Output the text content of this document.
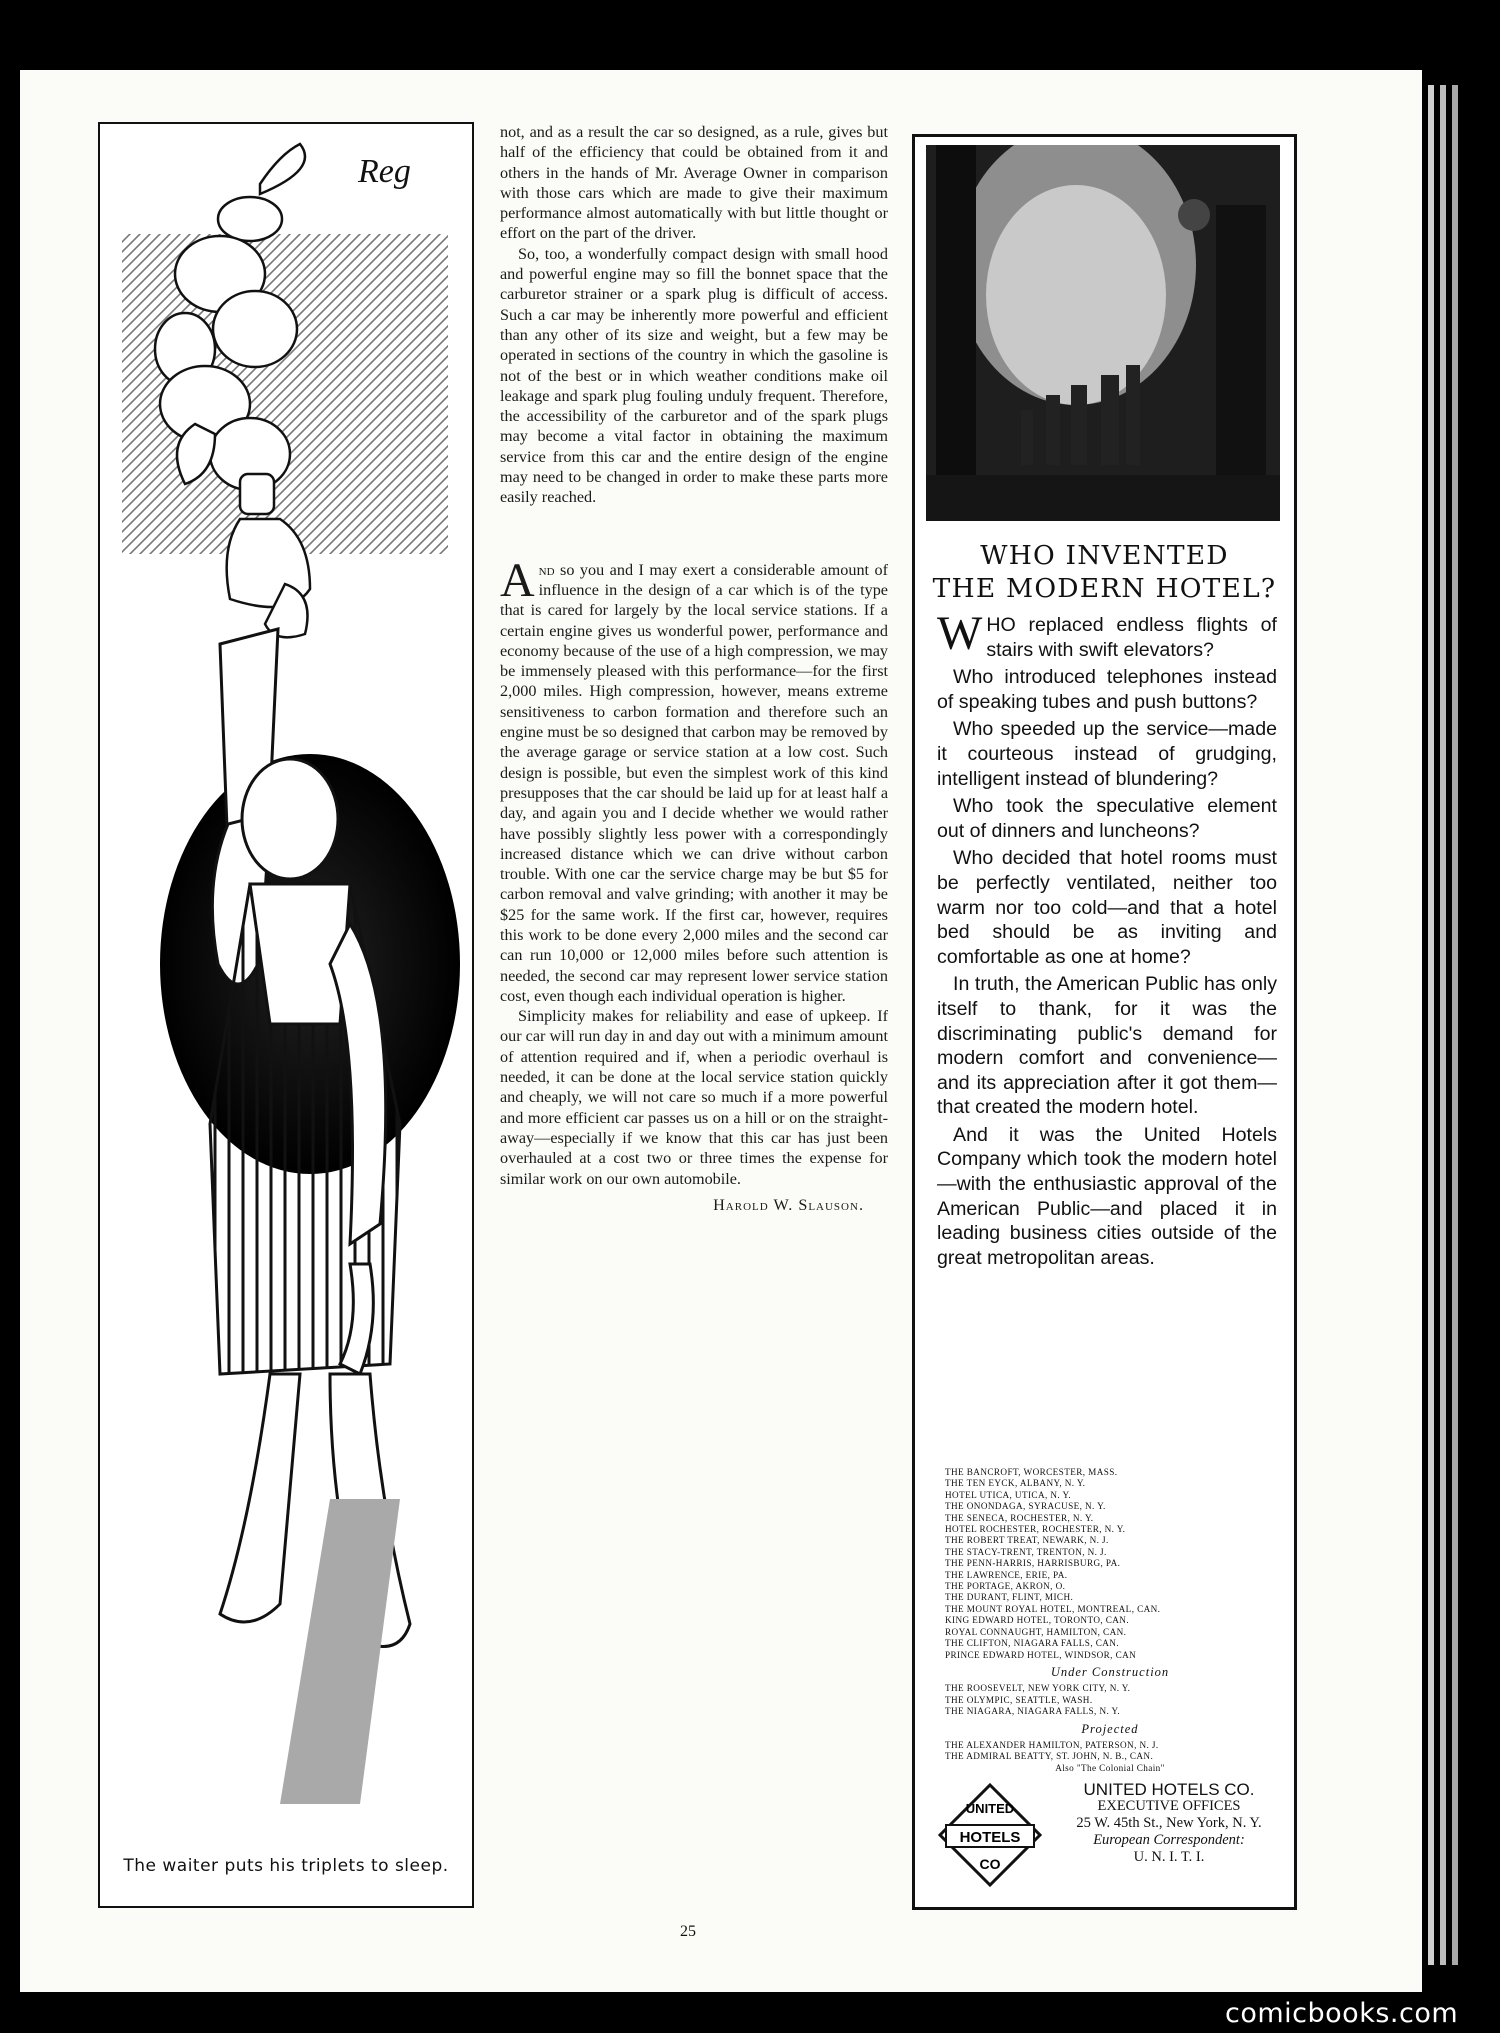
Reg
The waiter puts his triplets to sleep.

not, and as a result the car so designed, as a rule, gives but half of the efficiency that could be obtained from it and others in the hands of Mr. Average Owner in comparison with those cars which are made to give their maximum performance almost automatically with but little thought or effort on the part of the driver.

So, too, a wonderfully compact design with small hood and powerful engine may so fill the bonnet space that the carburetor strainer or a spark plug is difficult of access. Such a car may be inherently more powerful and efficient than any other of its size and weight, but a few may be operated in sections of the country in which the gasoline is not of the best or in which weather conditions make oil leakage and spark plug fouling unduly frequent. Therefore, the accessibility of the carburetor and of the spark plugs may become a vital factor in obtaining the maximum service from this car and the entire design of the engine may need to be changed in order to make these parts more easily reached.

And so you and I may exert a considerable amount of influence in the design of a car which is of the type that is cared for largely by the local service stations. If a certain engine gives us wonderful power, performance and economy because of the use of a high compression, we may be immensely pleased with this performance—for the first 2,000 miles. High compression, however, means extreme sensitiveness to carbon formation and therefore such an engine must be so designed that carbon may be removed by the average garage or service station at a low cost. Such design is possible, but even the simplest work of this kind presupposes that the car should be laid up for at least half a day, and again you and I decide whether we would rather have possibly slightly less power with a correspondingly increased distance which we can drive without carbon trouble. With one car the service charge may be but $5 for carbon removal and valve grinding; with another it may be $25 for the same work. If the first car, however, requires this work to be done every 2,000 miles and the second car can run 10,000 or 12,000 miles before such attention is needed, the second car may represent lower service station cost, even though each individual operation is higher.

Simplicity makes for reliability and ease of upkeep. If our car will run day in and day out with a minimum amount of attention required and if, when a periodic overhaul is needed, it can be done at the local service station quickly and cheaply, we will not care so much if a more powerful and more efficient car passes us on a hill or on the straight-away—especially if we know that this car has just been overhauled at a cost two or three times the expense for similar work on our own automobile.

Harold W. Slauson.
25
WHO INVENTED
THE MODERN HOTEL?

WHO replaced endless flights of stairs with swift elevators?

Who introduced telephones instead of speaking tubes and push buttons?

Who speeded up the service—made it courteous instead of grudging, intelligent instead of blundering?

Who took the speculative element out of dinners and luncheons?

Who decided that hotel rooms must be perfectly ventilated, neither too warm nor too cold—and that a hotel bed should be as inviting and comfortable as one at home?

In truth, the American Public has only itself to thank, for it was the discriminating public's demand for modern comfort and convenience—and its appreciation after it got them—that created the modern hotel.

And it was the United Hotels Company which took the modern hotel—with the enthusiastic approval of the American Public—and placed it in leading business cities outside of the great metropolitan areas.

THE BANCROFT, WORCESTER, MASS.
THE TEN EYCK, ALBANY, N. Y.
HOTEL UTICA, UTICA, N. Y.
THE ONONDAGA, SYRACUSE, N. Y.
THE SENECA, ROCHESTER, N. Y.
HOTEL ROCHESTER, ROCHESTER, N. Y.
THE ROBERT TREAT, NEWARK, N. J.
THE STACY-TRENT, TRENTON, N. J.
THE PENN-HARRIS, HARRISBURG, PA.
THE LAWRENCE, ERIE, PA.
THE PORTAGE, AKRON, O.
THE DURANT, FLINT, MICH.
THE MOUNT ROYAL HOTEL, MONTREAL, CAN.
KING EDWARD HOTEL, TORONTO, CAN.
ROYAL CONNAUGHT, HAMILTON, CAN.
THE CLIFTON, NIAGARA FALLS, CAN.
PRINCE EDWARD HOTEL, WINDSOR, CAN
Under Construction
THE ROOSEVELT, NEW YORK CITY, N. Y.
THE OLYMPIC, SEATTLE, WASH.
THE NIAGARA, NIAGARA FALLS, N. Y.
Projected
THE ALEXANDER HAMILTON, PATERSON, N. J.
THE ADMIRAL BEATTY, ST. JOHN, N. B., CAN.
Also "The Colonial Chain"
UNITED
HOTELS
CO
UNITED HOTELS CO.
EXECUTIVE OFFICES
25 W. 45th St., New York, N. Y.
European Correspondent:
U. N. I. T. I.
comicbooks.com
